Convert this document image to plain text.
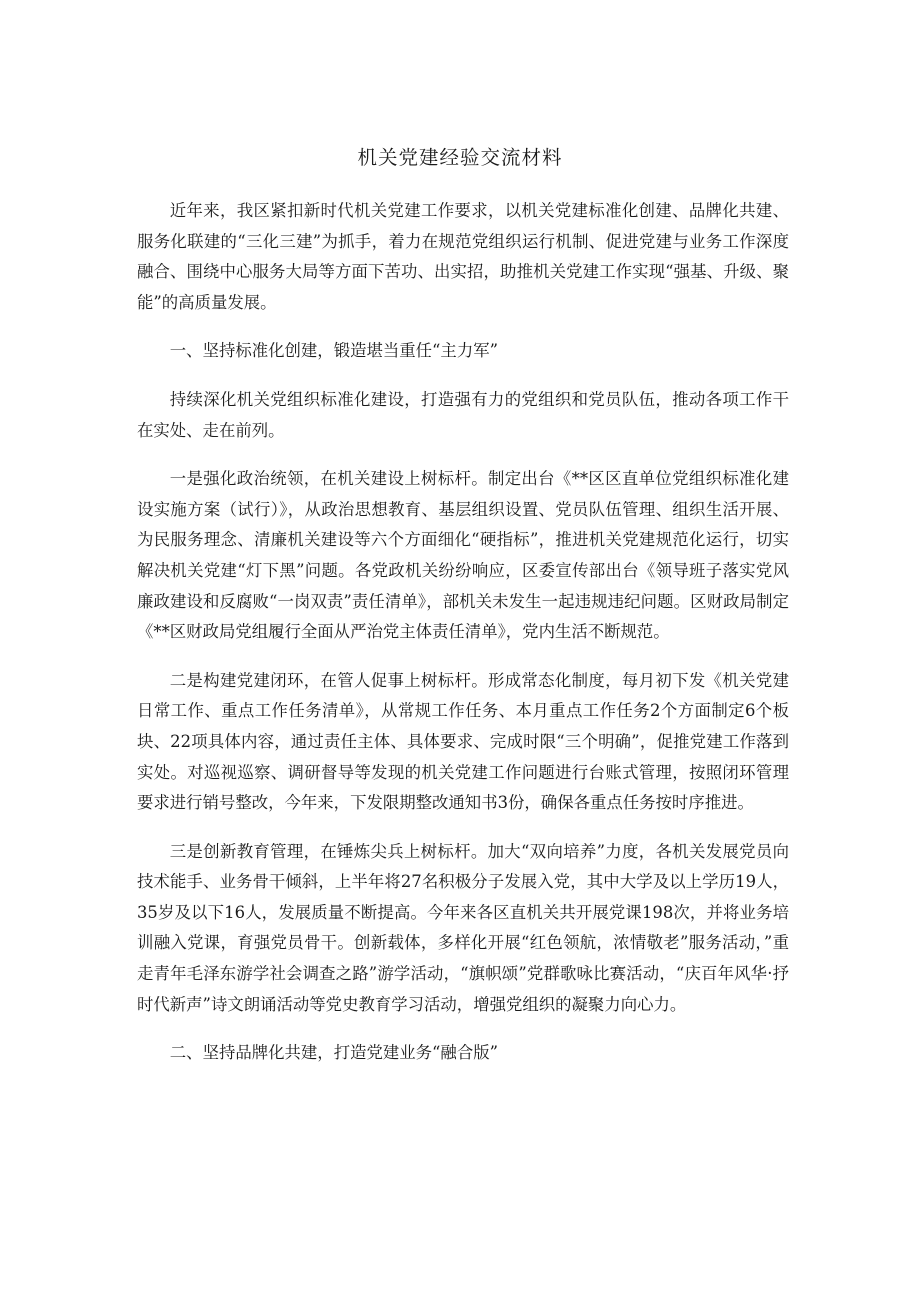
机关党建经验交流材料

近年来，我区紧扣新时代机关党建工作要求，以机关党建标准化创建、品牌化共建、服务化联建的“三化三建”为抓手，着力在规范党组织运行机制、促进党建与业务工作深度融合、围绕中心服务大局等方面下苦功、出实招，助推机关党建工作实现“强基、升级、聚能”的高质量发展。

一、坚持标准化创建，锻造堪当重任“主力军”

持续深化机关党组织标准化建设，打造强有力的党组织和党员队伍，推动各项工作干在实处、走在前列。

一是强化政治统领，在机关建设上树标杆。制定出台《**区区直单位党组织标准化建设实施方案（试行）》，从政治思想教育、基层组织设置、党员队伍管理、组织生活开展、为民服务理念、清廉机关建设等六个方面细化“硬指标”，推进机关党建规范化运行，切实解决机关党建“灯下黑”问题。各党政机关纷纷响应，区委宣传部出台《领导班子落实党风廉政建设和反腐败“一岗双责”责任清单》，部机关未发生一起违规违纪问题。区财政局制定《**区财政局党组履行全面从严治党主体责任清单》，党内生活不断规范。

二是构建党建闭环，在管人促事上树标杆。形成常态化制度，每月初下发《机关党建日常工作、重点工作任务清单》，从常规工作任务、本月重点工作任务2个方面制定6个板块、22项具体内容，通过责任主体、具体要求、完成时限“三个明确”，促推党建工作落到实处。对巡视巡察、调研督导等发现的机关党建工作问题进行台账式管理，按照闭环管理要求进行销号整改，今年来，下发限期整改通知书3份，确保各重点任务按时序推进。

三是创新教育管理，在锤炼尖兵上树标杆。加大“双向培养”力度，各机关发展党员向技术能手、业务骨干倾斜，上半年将27名积极分子发展入党，其中大学及以上学历19人，35岁及以下16人，发展质量不断提高。今年来各区直机关共开展党课198次，并将业务培训融入党课，育强党员骨干。创新载体，多样化开展“红色领航，浓情敬老”服务活动，”重走青年毛泽东游学社会调查之路”游学活动，“旗帜颂”党群歌咏比赛活动，“庆百年风华·抒时代新声”诗文朗诵活动等党史教育学习活动，增强党组织的凝聚力向心力。

二、坚持品牌化共建，打造党建业务“融合版”
